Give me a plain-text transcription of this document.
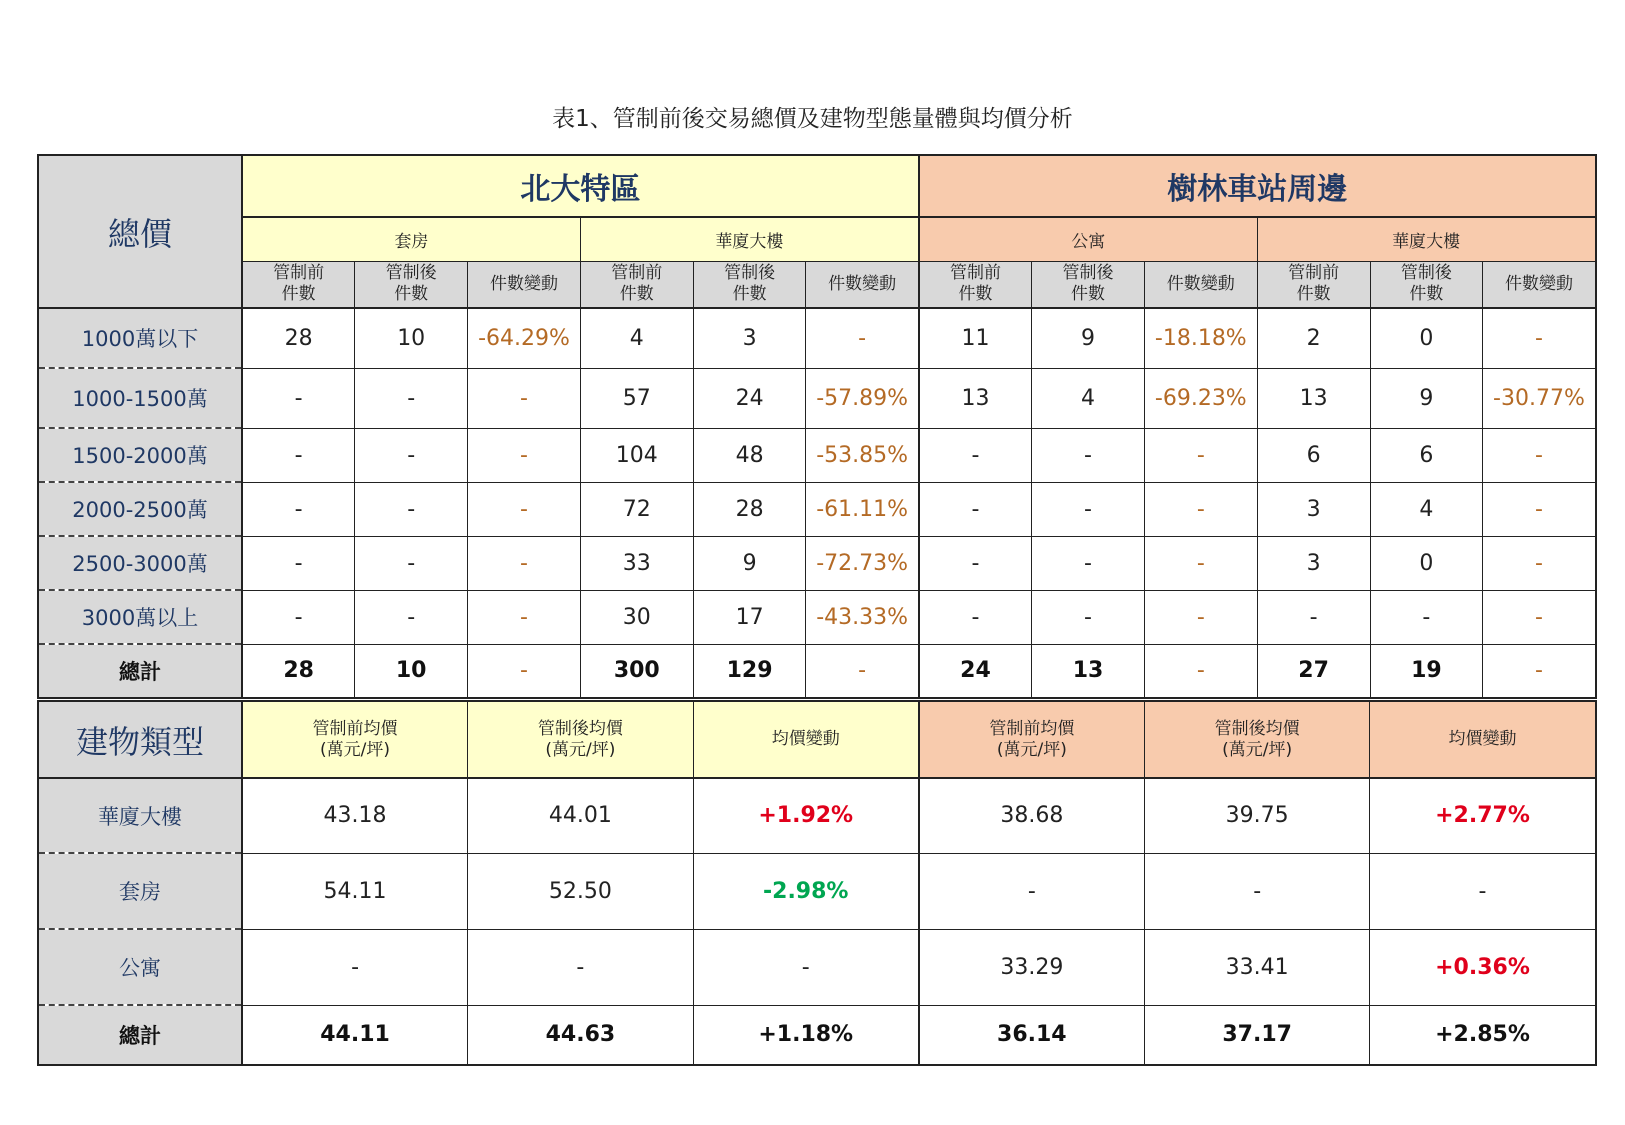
表1、管制前後交易總價及建物型態量體與均價分析
總價	北大特區						樹林車站周邊					
	套房			華廈大樓			公寓			華廈大樓		
	管制前
件數	管制後
件數	件數變動	管制前
件數	管制後
件數	件數變動	管制前
件數	管制後
件數	件數變動	管制前
件數	管制後
件數	件數變動
1000萬以下	28	10	-64.29%	4	3	-	11	9	-18.18%	2	0	-
1000-1500萬	-	-	-	57	24	-57.89%	13	4	-69.23%	13	9	-30.77%
1500-2000萬	-	-	-	104	48	-53.85%	-	-	-	6	6	-
2000-2500萬	-	-	-	72	28	-61.11%	-	-	-	3	4	-
2500-3000萬	-	-	-	33	9	-72.73%	-	-	-	3	0	-
3000萬以上	-	-	-	30	17	-43.33%	-	-	-	-	-	-
總計	28	10	-	300	129	-	24	13	-	27	19	-
建物類型	管制前均價
(萬元/坪)	管制後均價
(萬元/坪)	均價變動	管制前均價
(萬元/坪)	管制後均價
(萬元/坪)	均價變動
華廈大樓	43.18	44.01	+1.92%	38.68	39.75	+2.77%
套房	54.11	52.50	-2.98%	-	-	-
公寓	-	-	-	33.29	33.41	+0.36%
總計	44.11	44.63	+1.18%	36.14	37.17	+2.85%
